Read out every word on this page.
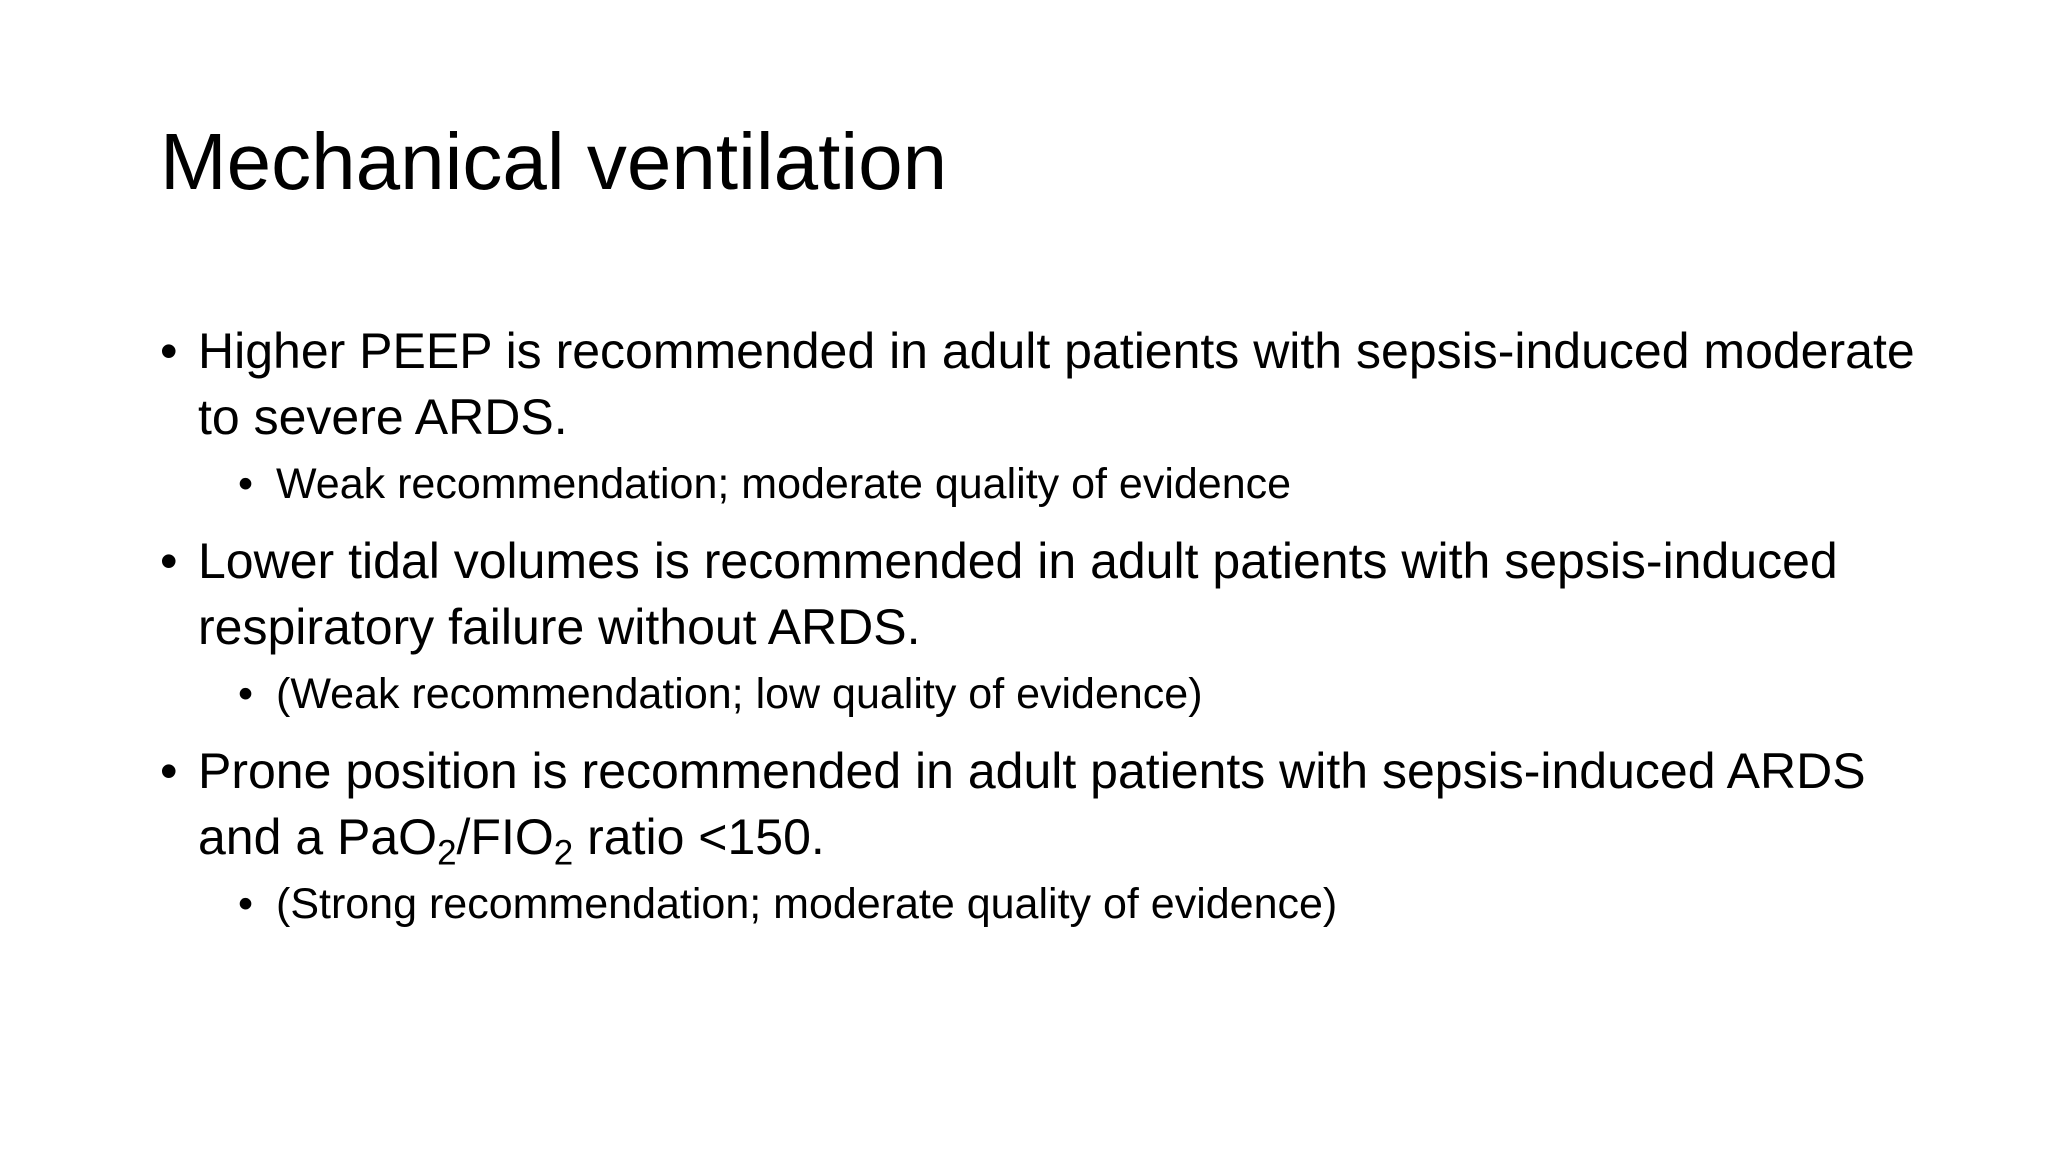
Mechanical ventilation
• Higher PEEP is recommended in adult patients with sepsis-induced moderate to severe ARDS.
• Weak recommendation; moderate quality of evidence
• Lower tidal volumes is recommended in adult patients with sepsis-induced respiratory failure without ARDS.
• (Weak recommendation; low quality of evidence)
• Prone position is recommended in adult patients with sepsis-induced ARDS and a $PaO_2/FIO_2$ ratio <150.
• (Strong recommendation; moderate quality of evidence)
